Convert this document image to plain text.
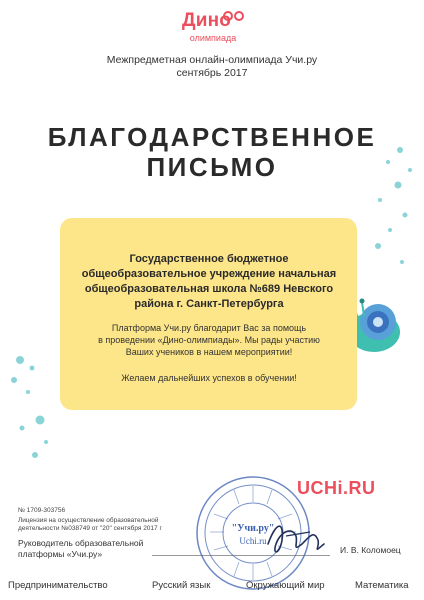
Дино
олимпиада
Межпредметная онлайн-олимпиада Учи.ру
сентябрь 2017
БЛАГОДАРСТВЕННОЕ
ПИСЬМО
Государственное бюджетное
общеобразовательное учреждение начальная
общеобразовательная школа №689 Невского
района г. Санкт-Петербурга
Платформа Учи.ру благодарит Вас за помощь
в проведении «Дино-олимпиады». Мы рады участию
Ваших учеников в нашем мероприятии!
Желаем дальнейших успехов в обучении!
UCHi.RU
№ 1709-303756
Лицензия на осуществление образовательной
деятельности №038749 от "20" сентября 2017 г
Руководитель образовательной
платформы «Учи.ру»
"Учи.ру"
Uchi.ru
И. В. Коломоец
Предпринимательство	Русский язык	Окружающий мир	Математика
